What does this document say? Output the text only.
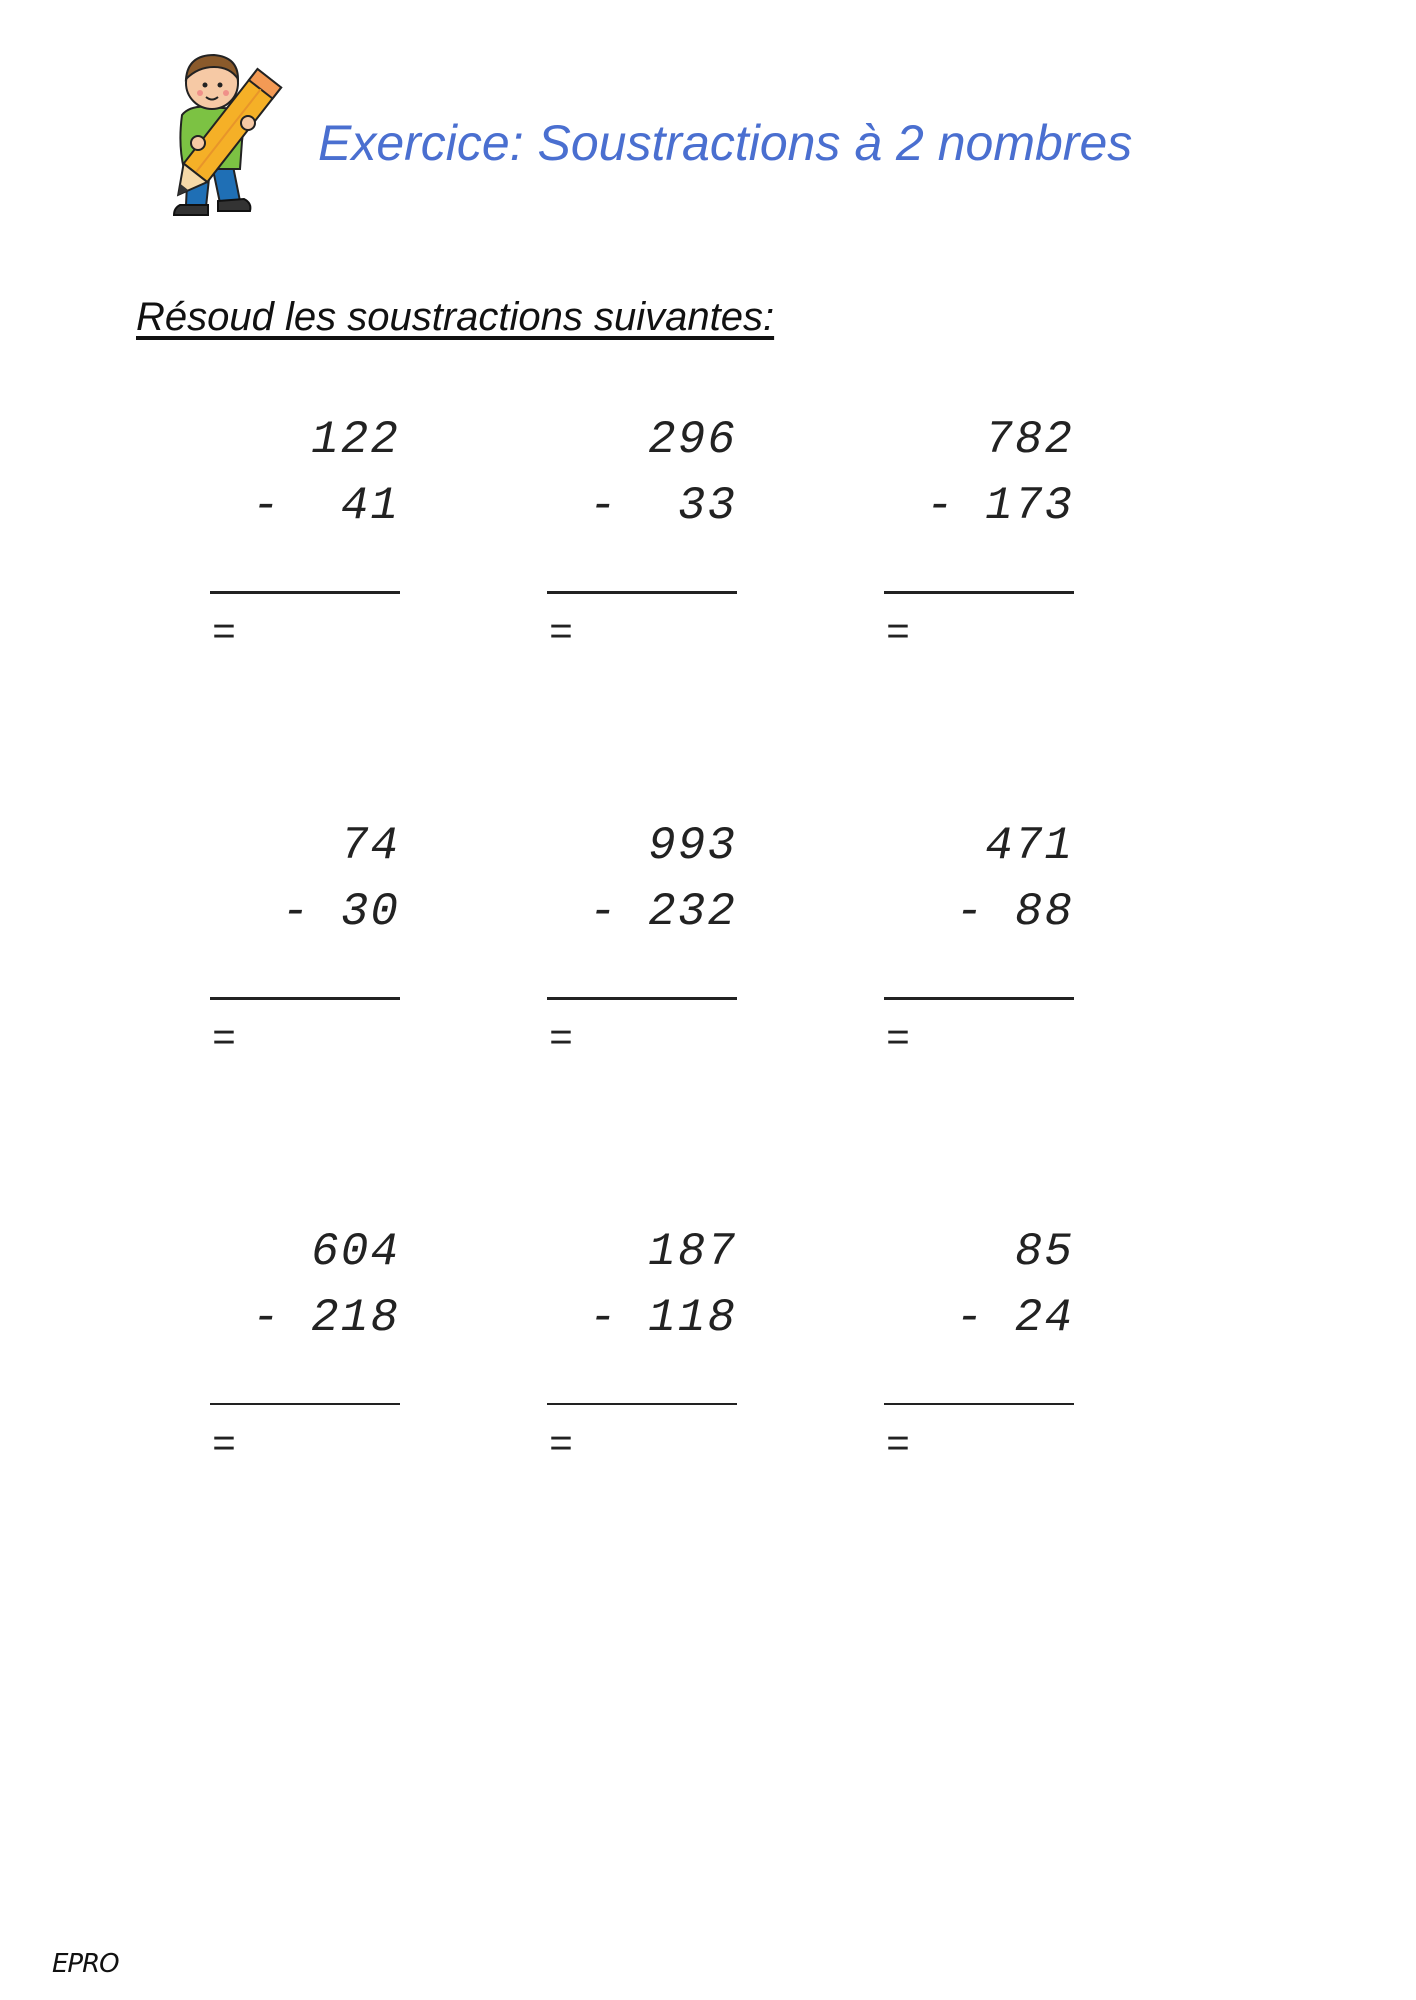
Exercice: Soustractions à 2 nombres
Résoud les soustractions suivantes:
122
-  41
=
296
-  33
=
782
- 173
=
74
- 30
=
993
- 232
=
471
- 88
=
604
- 218
=
187
- 118
=
85
- 24
=
EPRO
